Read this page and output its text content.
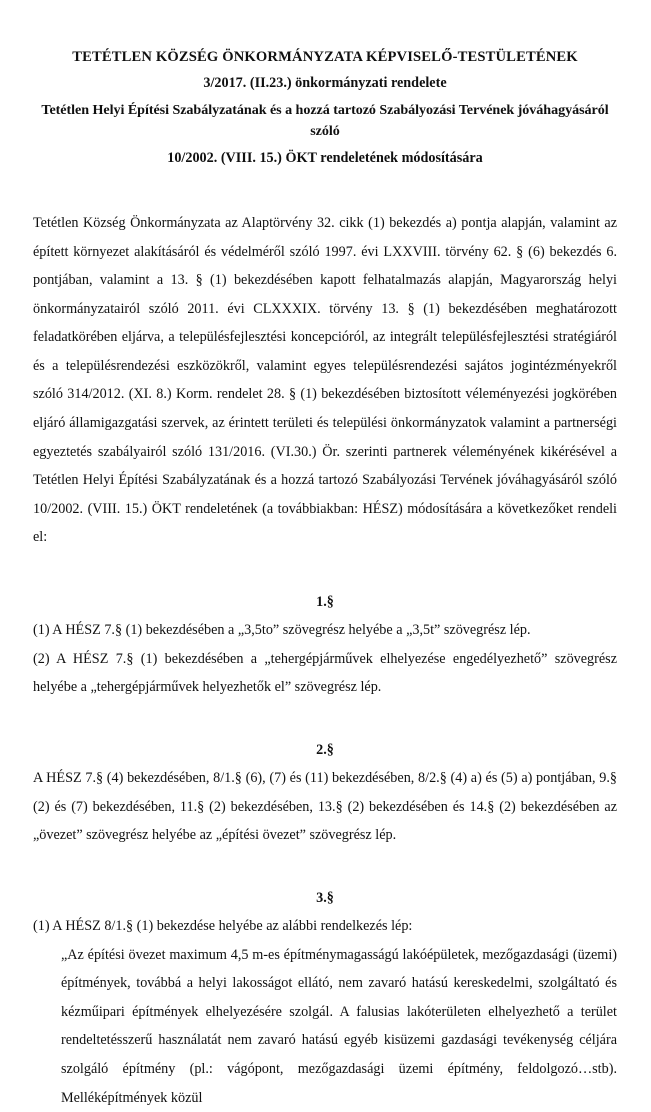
TETÉTLEN KÖZSÉG ÖNKORMÁNYZATA KÉPVISELŐ-TESTÜLETÉNEK

3/2017. (II.23.) önkormányzati rendelete

Tetétlen Helyi Építési Szabályzatának és a hozzá tartozó Szabályozási Tervének jóváhagyásáról szóló

10/2002. (VIII. 15.) ÖKT rendeletének módosítására

Tetétlen Község Önkormányzata az Alaptörvény 32. cikk (1) bekezdés a) pontja alapján, valamint az épített környezet alakításáról és védelméről szóló 1997. évi LXXVIII. törvény 62. § (6) bekezdés 6. pontjában, valamint a 13. § (1) bekezdésében kapott felhatalmazás alapján, Magyarország helyi önkormányzatairól szóló 2011. évi CLXXXIX. törvény 13. § (1) bekezdésében meghatározott feladatkörében eljárva, a településfejlesztési koncepcióról, az integrált településfejlesztési stratégiáról és a településrendezési eszközökről, valamint egyes településrendezési sajátos jogintézményekről szóló 314/2012. (XI. 8.) Korm. rendelet 28. § (1) bekezdésében biztosított véleményezési jogkörében eljáró államigazgatási szervek, az érintett területi és települési önkormányzatok valamint a partnerségi egyeztetés szabályairól szóló 131/2016. (VI.30.) Ör. szerinti partnerek véleményének kikérésével a Tetétlen Helyi Építési Szabályzatának és a hozzá tartozó Szabályozási Tervének jóváhagyásáról szóló 10/2002. (VIII. 15.) ÖKT rendeletének (a továbbiakban: HÉSZ) módosítására a következőket rendeli el:

1.§

(1) A HÉSZ 7.§ (1) bekezdésében a „3,5to” szövegrész helyébe a „3,5t” szövegrész lép.

(2) A HÉSZ 7.§ (1) bekezdésében a „tehergépjárművek elhelyezése engedélyezhető” szövegrész helyébe a „tehergépjárművek helyezhetők el” szövegrész lép.

2.§

A HÉSZ 7.§ (4) bekezdésében, 8/1.§ (6), (7) és (11) bekezdésében, 8/2.§ (4) a) és (5) a) pontjában, 9.§ (2) és (7) bekezdésében, 11.§ (2) bekezdésében, 13.§ (2) bekezdésében és 14.§ (2) bekezdésében az „övezet” szövegrész helyébe az „építési övezet” szövegrész lép.

3.§

(1) A HÉSZ 8/1.§ (1) bekezdése helyébe az alábbi rendelkezés lép:

„Az építési övezet maximum 4,5 m-es építménymagasságú lakóépületek, mezőgazdasági (üzemi) építmények, továbbá a helyi lakosságot ellátó, nem zavaró hatású kereskedelmi, szolgáltató és kézműipari építmények elhelyezésére szolgál. A falusias lakóterületen elhelyezhető a terület rendeltetésszerű használatát nem zavaró hatású egyéb kisüzemi gazdasági tevékenység céljára szolgáló építmény (pl.: vágópont, mezőgazdasági üzemi építmény, feldolgozó…stb). Melléképítmények közül
